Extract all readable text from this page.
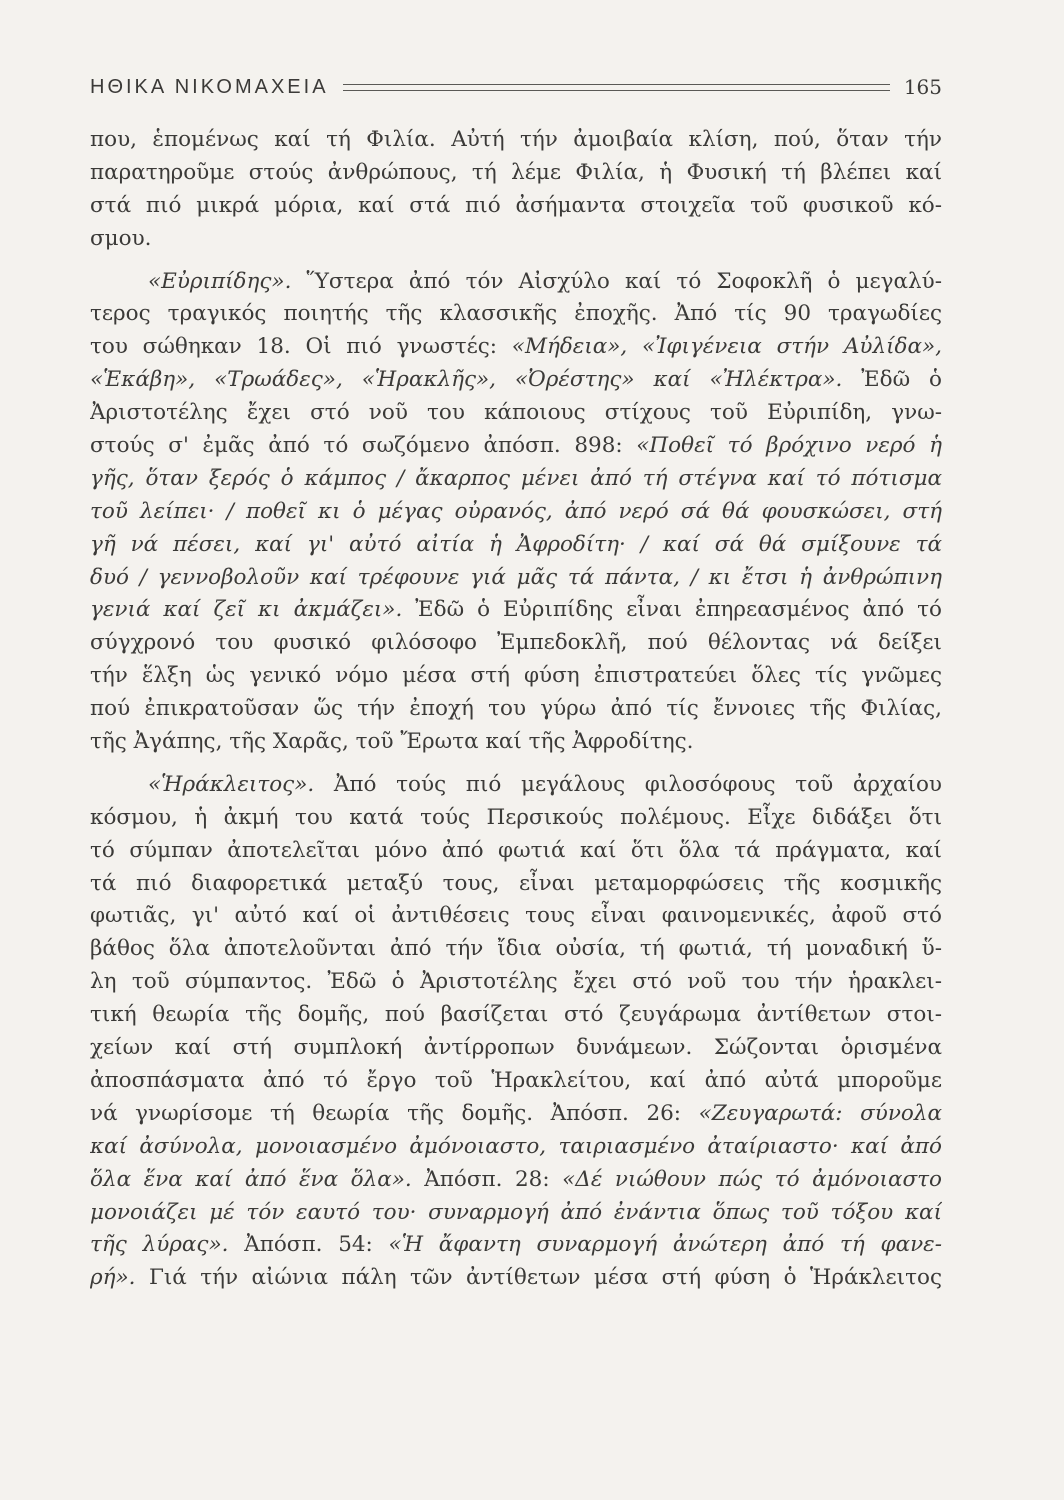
ΗΘΙΚΑ ΝΙΚΟΜΑΧΕΙΑ	165
που, ἑπομένως καί τή Φιλία. Αὐτή τήν ἀμοιβαία κλίση, πού, ὅταν τήν
παρατηροῦμε στούς ἀνθρώπους, τή λέμε Φιλία, ἡ Φυσική τή βλέπει καί
στά πιό μικρά μόρια, καί στά πιό ἀσήμαντα στοιχεῖα τοῦ φυσικοῦ κό-
σμου.
«Εὐριπίδης». Ὕστερα ἀπό τόν Αἰσχύλο καί τό Σοφοκλῆ ὁ μεγαλύ-
τερος τραγικός ποιητής τῆς κλασσικῆς ἐποχῆς. Ἀπό τίς 90 τραγωδίες
του σώθηκαν 18. Οἱ πιό γνωστές: «Μήδεια», «Ἰφιγένεια στήν Αὐλίδα»,
«Ἑκάβη», «Τρωάδες», «Ἡρακλῆς», «Ὀρέστης» καί «Ἠλέκτρα». Ἐδῶ ὁ
Ἀριστοτέλης ἔχει στό νοῦ του κάποιους στίχους τοῦ Εὐριπίδη, γνω-
στούς σ' ἐμᾶς ἀπό τό σωζόμενο ἀπόσπ. 898: «Ποθεῖ τό βρόχινο νερό ἡ
γῆς, ὅταν ξερός ὁ κάμπος / ἄκαρπος μένει ἀπό τή στέγνα καί τό πότισμα
τοῦ λείπει· / ποθεῖ κι ὁ μέγας οὐρανός, ἀπό νερό σά θά φουσκώσει, στή
γῆ νά πέσει, καί γι' αὐτό αἰτία ἡ Ἀφροδίτη· / καί σά θά σμίξουνε τά
δυό / γεννοβολοῦν καί τρέφουνε γιά μᾶς τά πάντα, / κι ἔτσι ἡ ἀνθρώπινη
γενιά καί ζεῖ κι ἀκμάζει». Ἐδῶ ὁ Εὐριπίδης εἶναι ἐπηρεασμένος ἀπό τό
σύγχρονό του φυσικό φιλόσοφο Ἐμπεδοκλῆ, πού θέλοντας νά δείξει
τήν ἕλξη ὡς γενικό νόμο μέσα στή φύση ἐπιστρατεύει ὅλες τίς γνῶμες
πού ἐπικρατοῦσαν ὥς τήν ἐποχή του γύρω ἀπό τίς ἔννοιες τῆς Φιλίας,
τῆς Ἀγάπης, τῆς Χαρᾶς, τοῦ Ἔρωτα καί τῆς Ἀφροδίτης.
«Ἡράκλειτος». Ἀπό τούς πιό μεγάλους φιλοσόφους τοῦ ἀρχαίου
κόσμου, ἡ ἀκμή του κατά τούς Περσικούς πολέμους. Εἶχε διδάξει ὅτι
τό σύμπαν ἀποτελεῖται μόνο ἀπό φωτιά καί ὅτι ὅλα τά πράγματα, καί
τά πιό διαφορετικά μεταξύ τους, εἶναι μεταμορφώσεις τῆς κοσμικῆς
φωτιᾶς, γι' αὐτό καί οἱ ἀντιθέσεις τους εἶναι φαινομενικές, ἀφοῦ στό
βάθος ὅλα ἀποτελοῦνται ἀπό τήν ἴδια οὐσία, τή φωτιά, τή μοναδική ὕ-
λη τοῦ σύμπαντος. Ἐδῶ ὁ Ἀριστοτέλης ἔχει στό νοῦ του τήν ἡρακλει-
τική θεωρία τῆς δομῆς, πού βασίζεται στό ζευγάρωμα ἀντίθετων στοι-
χείων καί στή συμπλοκή ἀντίρροπων δυνάμεων. Σώζονται ὁρισμένα
ἀποσπάσματα ἀπό τό ἔργο τοῦ Ἡρακλείτου, καί ἀπό αὐτά μποροῦμε
νά γνωρίσομε τή θεωρία τῆς δομῆς. Ἀπόσπ. 26: «Ζευγαρωτά: σύνολα
καί ἀσύνολα, μονοιασμένο ἀμόνοιαστο, ταιριασμένο ἀταίριαστο· καί ἀπό
ὅλα ἕνα καί ἀπό ἕνα ὅλα». Ἀπόσπ. 28: «Δέ νιώθουν πώς τό ἀμόνοιαστο
μονοιάζει μέ τόν εαυτό του· συναρμογή ἀπό ἐνάντια ὅπως τοῦ τόξου καί
τῆς λύρας». Ἀπόσπ. 54: «Ἡ ἄφαντη συναρμογή ἀνώτερη ἀπό τή φανε-
ρή». Γιά τήν αἰώνια πάλη τῶν ἀντίθετων μέσα στή φύση ὁ Ἡράκλειτος
